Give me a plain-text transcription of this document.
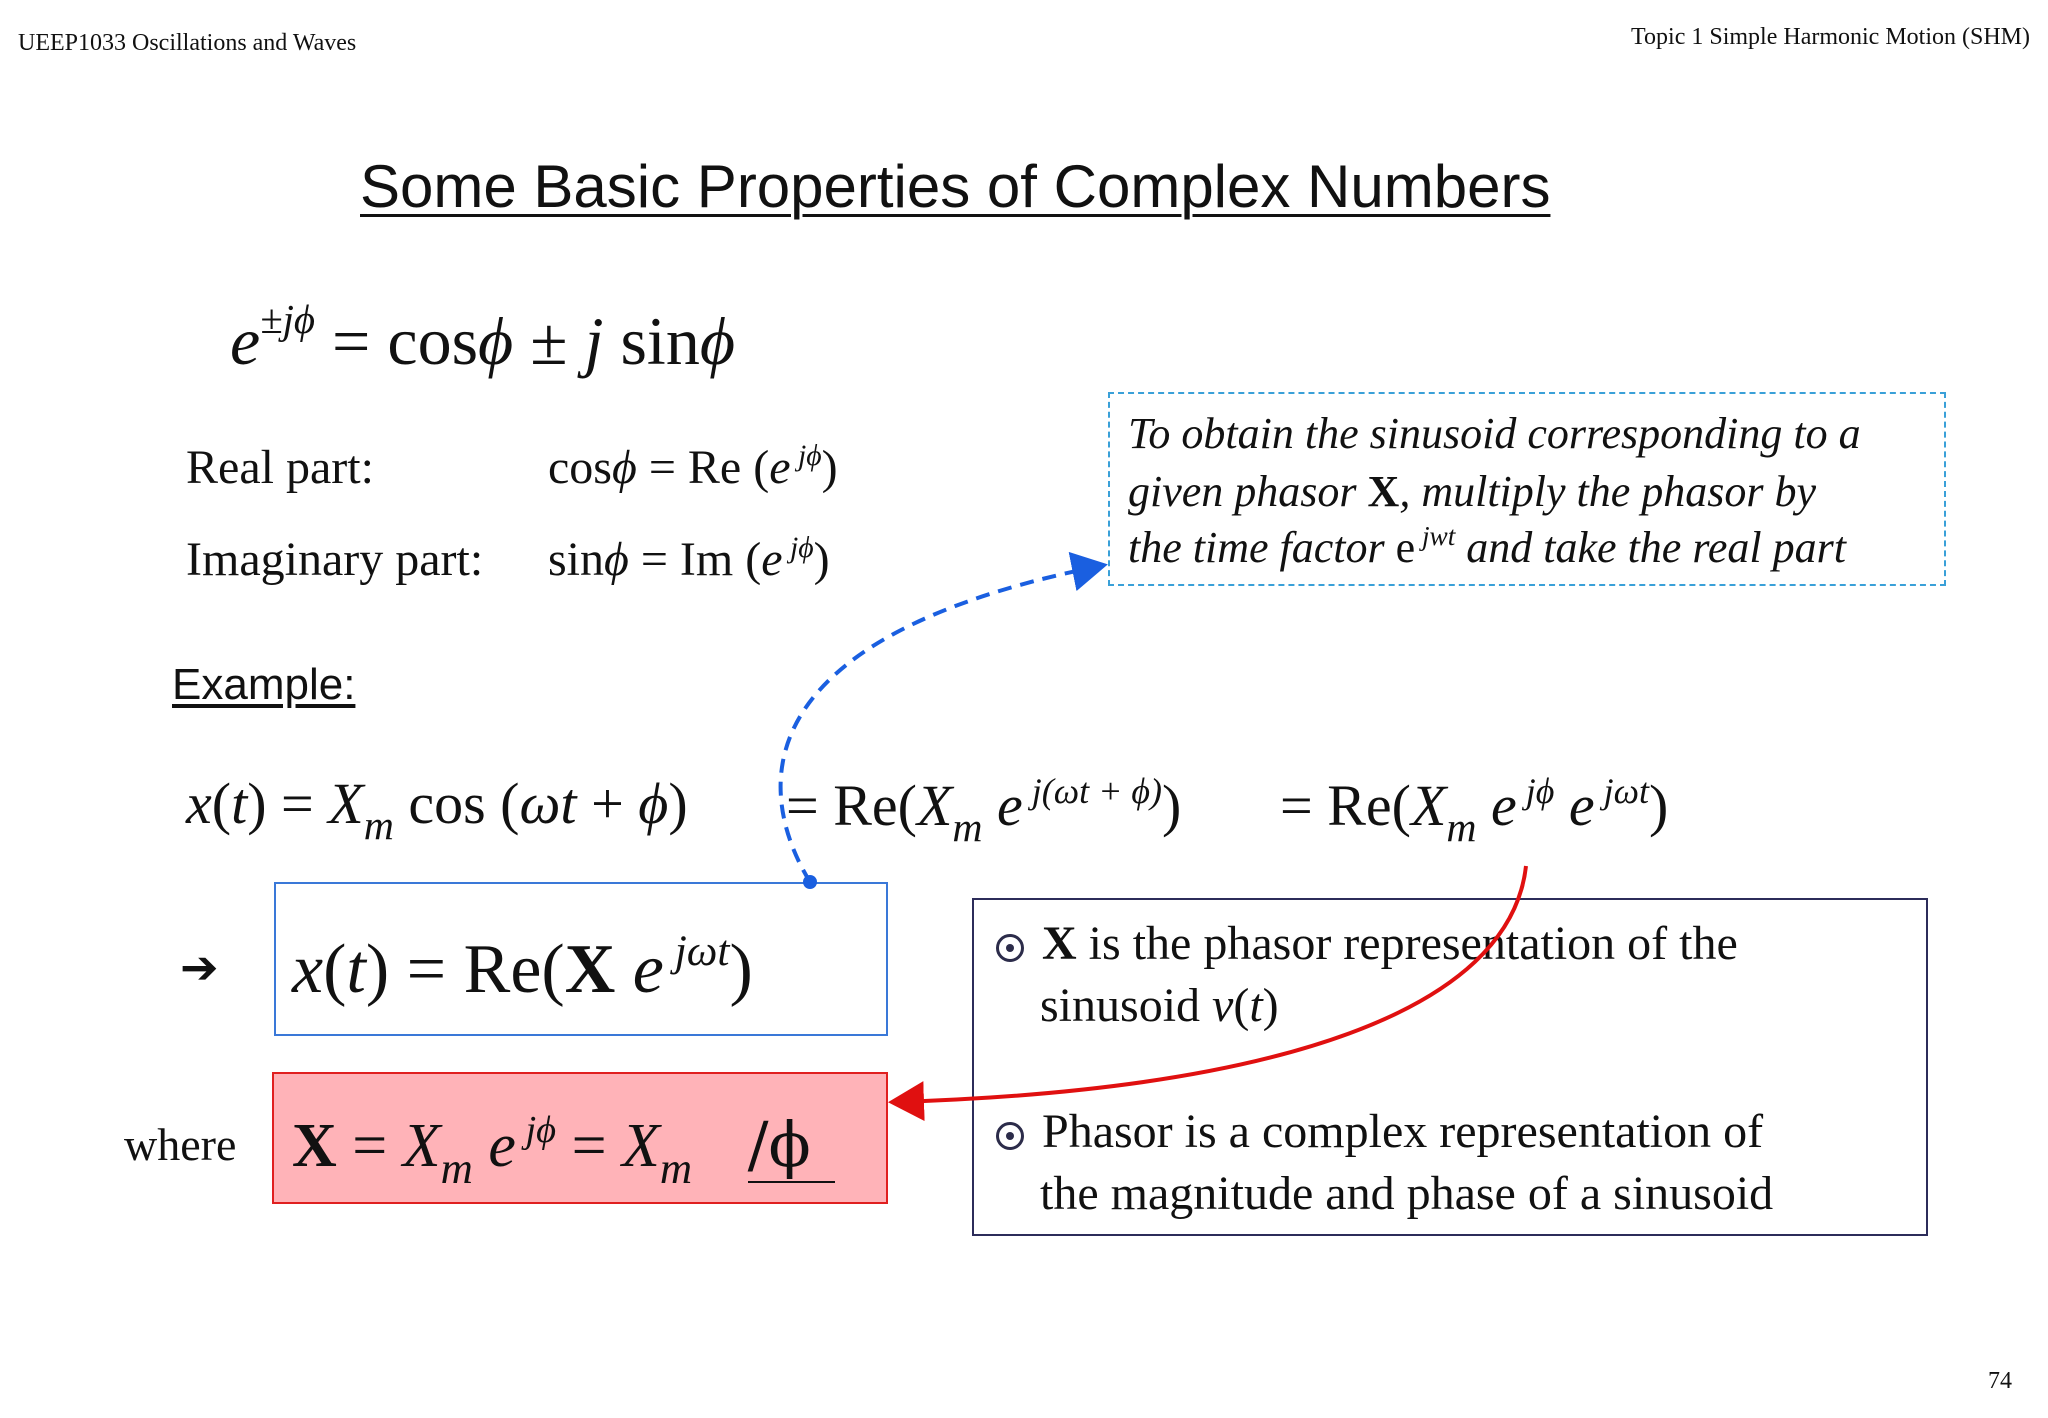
UEEP1033 Oscillations and Waves	Topic 1 Simple Harmonic Motion (SHM)
Some Basic Properties of Complex Numbers
$e^{\pm j\phi} = \cos\phi \pm j$ sinϕ
Real part:	cosϕ = Re (e $^{j\phi}$)
Imaginary part: sinϕ = Im (e $^{j\phi}$)
To obtain the sinusoid corresponding to a
given phasor X, multiply the phasor by
the time factor e $^{jwt}$ and take the real part
Example:
$x(t) = X_m$ $\cos (\omega t + \phi) = Re(X_m$ e $^{j(\omega t + \phi)}) = Re(X_m$ e $^{j\phi}$ e $^{j\omega t}$)
➔ x(t) = Re(X e $^{j\omega t}$)
where $X = X_m$ e $^{j\phi} = X_m$ /ϕ
X is the phasor representation of the
sinusoid v(t)
Phasor is a complex representation of
the magnitude and phase of a sinusoid
74
